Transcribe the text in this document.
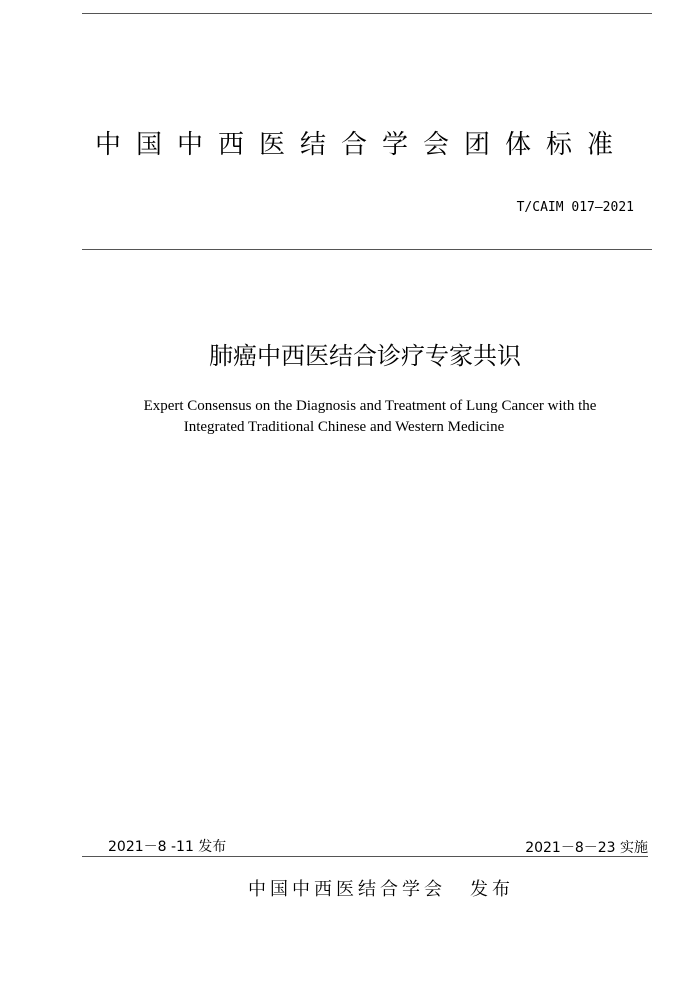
中国中西医结合学会团体标准
T/CAIM 017—2021
肺癌中西医结合诊疗专家共识
Expert Consensus on the Diagnosis and Treatment of Lung Cancer with the
Integrated Traditional Chinese and Western Medicine
2021－8 -11 发布	2021－8－23 实施
中国中西医结合学会 发布
